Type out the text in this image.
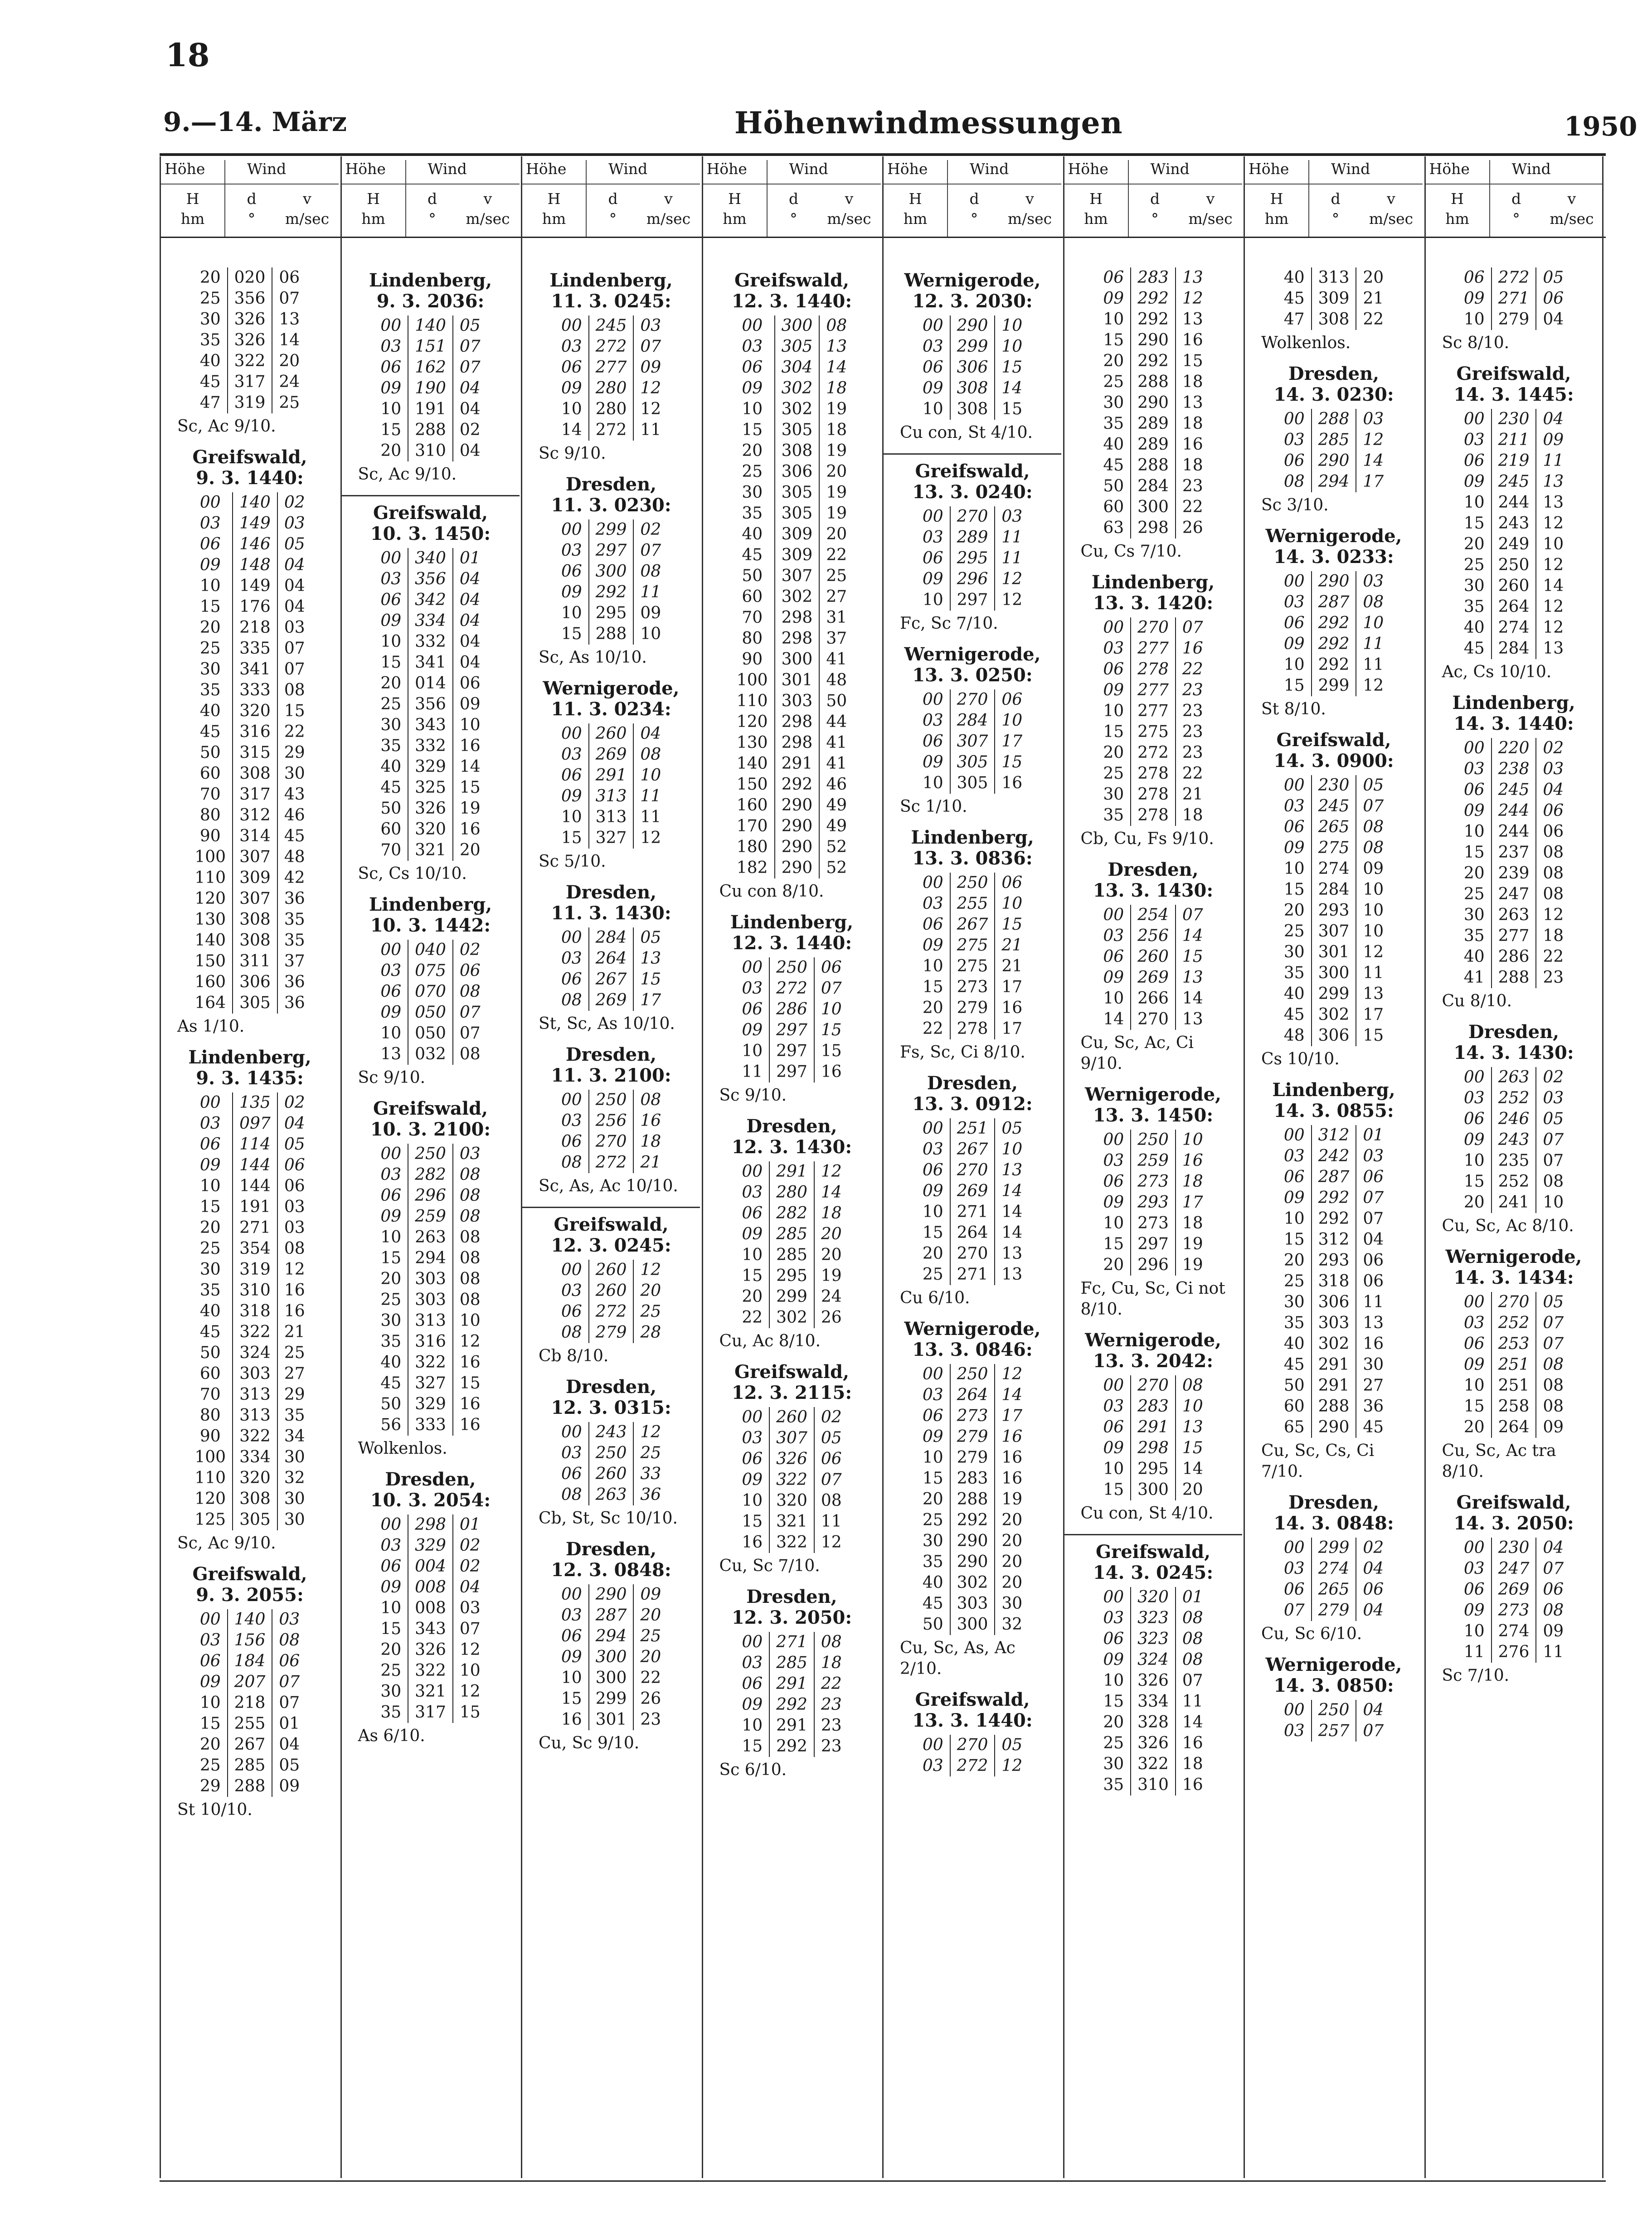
18
9.—14. März	Höhenwindmessungen	1950
Höhe	Wind
H
hm
d
°
v
m/sec
20	020	06
25	356	07
30	326	13
35	326	14
40	322	20
45	317	24
47	319	25
Sc, Ac 9/10.
Greifswald,
9. 3. 1440:
00	140	02
03	149	03
06	146	05
09	148	04
10	149	04
15	176	04
20	218	03
25	335	07
30	341	07
35	333	08
40	320	15
45	316	22
50	315	29
60	308	30
70	317	43
80	312	46
90	314	45
100	307	48
110	309	42
120	307	36
130	308	35
140	308	35
150	311	37
160	306	36
164	305	36
As 1/10.
Lindenberg,
9. 3. 1435:
00	135	02
03	097	04
06	114	05
09	144	06
10	144	06
15	191	03
20	271	03
25	354	08
30	319	12
35	310	16
40	318	16
45	322	21
50	324	25
60	303	27
70	313	29
80	313	35
90	322	34
100	334	30
110	320	32
120	308	30
125	305	30
Sc, Ac 9/10.
Greifswald,
9. 3. 2055:
00	140	03
03	156	08
06	184	06
09	207	07
10	218	07
15	255	01
20	267	04
25	285	05
29	288	09
St 10/10.
Höhe	Wind
H
hm
d
°
v
m/sec
Lindenberg,
9. 3. 2036:
00	140	05
03	151	07
06	162	07
09	190	04
10	191	04
15	288	02
20	310	04
Sc, Ac 9/10.
Greifswald,
10. 3. 1450:
00	340	01
03	356	04
06	342	04
09	334	04
10	332	04
15	341	04
20	014	06
25	356	09
30	343	10
35	332	16
40	329	14
45	325	15
50	326	19
60	320	16
70	321	20
Sc, Cs 10/10.
Lindenberg,
10. 3. 1442:
00	040	02
03	075	06
06	070	08
09	050	07
10	050	07
13	032	08
Sc 9/10.
Greifswald,
10. 3. 2100:
00	250	03
03	282	08
06	296	08
09	259	08
10	263	08
15	294	08
20	303	08
25	303	08
30	313	10
35	316	12
40	322	16
45	327	15
50	329	16
56	333	16
Wolkenlos.
Dresden,
10. 3. 2054:
00	298	01
03	329	02
06	004	02
09	008	04
10	008	03
15	343	07
20	326	12
25	322	10
30	321	12
35	317	15
As 6/10.
Höhe	Wind
H
hm
d
°
v
m/sec
Lindenberg,
11. 3. 0245:
00	245	03
03	272	07
06	277	09
09	280	12
10	280	12
14	272	11
Sc 9/10.
Dresden,
11. 3. 0230:
00	299	02
03	297	07
06	300	08
09	292	11
10	295	09
15	288	10
Sc, As 10/10.
Wernigerode,
11. 3. 0234:
00	260	04
03	269	08
06	291	10
09	313	11
10	313	11
15	327	12
Sc 5/10.
Dresden,
11. 3. 1430:
00	284	05
03	264	13
06	267	15
08	269	17
St, Sc, As 10/10.
Dresden,
11. 3. 2100:
00	250	08
03	256	16
06	270	18
08	272	21
Sc, As, Ac 10/10.
Greifswald,
12. 3. 0245:
00	260	12
03	260	20
06	272	25
08	279	28
Cb 8/10.
Dresden,
12. 3. 0315:
00	243	12
03	250	25
06	260	33
08	263	36
Cb, St, Sc 10/10.
Dresden,
12. 3. 0848:
00	290	09
03	287	20
06	294	25
09	300	20
10	300	22
15	299	26
16	301	23
Cu, Sc 9/10.
Höhe	Wind
H
hm
d
°
v
m/sec
Greifswald,
12. 3. 1440:
00	300	08
03	305	13
06	304	14
09	302	18
10	302	19
15	305	18
20	308	19
25	306	20
30	305	19
35	305	19
40	309	20
45	309	22
50	307	25
60	302	27
70	298	31
80	298	37
90	300	41
100	301	48
110	303	50
120	298	44
130	298	41
140	291	41
150	292	46
160	290	49
170	290	49
180	290	52
182	290	52
Cu con 8/10.
Lindenberg,
12. 3. 1440:
00	250	06
03	272	07
06	286	10
09	297	15
10	297	15
11	297	16
Sc 9/10.
Dresden,
12. 3. 1430:
00	291	12
03	280	14
06	282	18
09	285	20
10	285	20
15	295	19
20	299	24
22	302	26
Cu, Ac 8/10.
Greifswald,
12. 3. 2115:
00	260	02
03	307	05
06	326	06
09	322	07
10	320	08
15	321	11
16	322	12
Cu, Sc 7/10.
Dresden,
12. 3. 2050:
00	271	08
03	285	18
06	291	22
09	292	23
10	291	23
15	292	23
Sc 6/10.
Höhe	Wind
H
hm
d
°
v
m/sec
Wernigerode,
12. 3. 2030:
00	290	10
03	299	10
06	306	15
09	308	14
10	308	15
Cu con, St 4/10.
Greifswald,
13. 3. 0240:
00	270	03
03	289	11
06	295	11
09	296	12
10	297	12
Fc, Sc 7/10.
Wernigerode,
13. 3. 0250:
00	270	06
03	284	10
06	307	17
09	305	15
10	305	16
Sc 1/10.
Lindenberg,
13. 3. 0836:
00	250	06
03	255	10
06	267	15
09	275	21
10	275	21
15	273	17
20	279	16
22	278	17
Fs, Sc, Ci 8/10.
Dresden,
13. 3. 0912:
00	251	05
03	267	10
06	270	13
09	269	14
10	271	14
15	264	14
20	270	13
25	271	13
Cu 6/10.
Wernigerode,
13. 3. 0846:
00	250	12
03	264	14
06	273	17
09	279	16
10	279	16
15	283	16
20	288	19
25	292	20
30	290	20
35	290	20
40	302	20
45	303	30
50	300	32
Cu, Sc, As, Ac 2/10.
Greifswald,
13. 3. 1440:
00	270	05
03	272	12
Höhe	Wind
H
hm
d
°
v
m/sec
06	283	13
09	292	12
10	292	13
15	290	16
20	292	15
25	288	18
30	290	13
35	289	18
40	289	16
45	288	18
50	284	23
60	300	22
63	298	26
Cu, Cs 7/10.
Lindenberg,
13. 3. 1420:
00	270	07
03	277	16
06	278	22
09	277	23
10	277	23
15	275	23
20	272	23
25	278	22
30	278	21
35	278	18
Cb, Cu, Fs 9/10.
Dresden,
13. 3. 1430:
00	254	07
03	256	14
06	260	15
09	269	13
10	266	14
14	270	13
Cu, Sc, Ac, Ci 9/10.
Wernigerode,
13. 3. 1450:
00	250	10
03	259	16
06	273	18
09	293	17
10	273	18
15	297	19
20	296	19
Fc, Cu, Sc, Ci not 8/10.
Wernigerode,
13. 3. 2042:
00	270	08
03	283	10
06	291	13
09	298	15
10	295	14
15	300	20
Cu con, St 4/10.
Greifswald,
14. 3. 0245:
00	320	01
03	323	08
06	323	08
09	324	08
10	326	07
15	334	11
20	328	14
25	326	16
30	322	18
35	310	16
Höhe	Wind
H
hm
d
°
v
m/sec
40	313	20
45	309	21
47	308	22
Wolkenlos.
Dresden,
14. 3. 0230:
00	288	03
03	285	12
06	290	14
08	294	17
Sc 3/10.
Wernigerode,
14. 3. 0233:
00	290	03
03	287	08
06	292	10
09	292	11
10	292	11
15	299	12
St 8/10.
Greifswald,
14. 3. 0900:
00	230	05
03	245	07
06	265	08
09	275	08
10	274	09
15	284	10
20	293	10
25	307	10
30	301	12
35	300	11
40	299	13
45	302	17
48	306	15
Cs 10/10.
Lindenberg,
14. 3. 0855:
00	312	01
03	242	03
06	287	06
09	292	07
10	292	07
15	312	04
20	293	06
25	318	06
30	306	11
35	303	13
40	302	16
45	291	30
50	291	27
60	288	36
65	290	45
Cu, Sc, Cs, Ci 7/10.
Dresden,
14. 3. 0848:
00	299	02
03	274	04
06	265	06
07	279	04
Cu, Sc 6/10.
Wernigerode,
14. 3. 0850:
00	250	04
03	257	07
Höhe	Wind
H
hm
d
°
v
m/sec
06	272	05
09	271	06
10	279	04
Sc 8/10.
Greifswald,
14. 3. 1445:
00	230	04
03	211	09
06	219	11
09	245	13
10	244	13
15	243	12
20	249	10
25	250	12
30	260	14
35	264	12
40	274	12
45	284	13
Ac, Cs 10/10.
Lindenberg,
14. 3. 1440:
00	220	02
03	238	03
06	245	04
09	244	06
10	244	06
15	237	08
20	239	08
25	247	08
30	263	12
35	277	18
40	286	22
41	288	23
Cu 8/10.
Dresden,
14. 3. 1430:
00	263	02
03	252	03
06	246	05
09	243	07
10	235	07
15	252	08
20	241	10
Cu, Sc, Ac 8/10.
Wernigerode,
14. 3. 1434:
00	270	05
03	252	07
06	253	07
09	251	08
10	251	08
15	258	08
20	264	09
Cu, Sc, Ac tra 8/10.
Greifswald,
14. 3. 2050:
00	230	04
03	247	07
06	269	06
09	273	08
10	274	09
11	276	11
Sc 7/10.
